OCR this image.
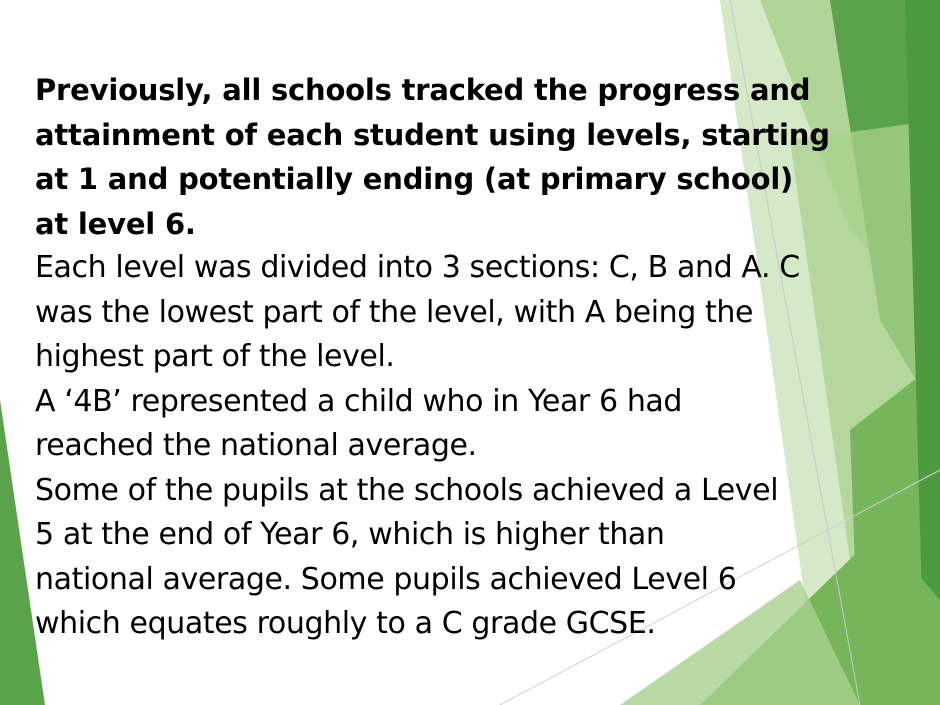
Previously, all schools tracked the progress and
attainment of each student using levels, starting
at 1 and potentially ending (at primary school)
at level 6.

Each level was divided into 3 sections: C, B and A. C
was the lowest part of the level, with A being the
highest part of the level.

A ‘4B’ represented a child who in Year 6 had
reached the national average.

Some of the pupils at the schools achieved a Level
5 at the end of Year 6, which is higher than
national average. Some pupils achieved Level 6
which equates roughly to a C grade GCSE.
